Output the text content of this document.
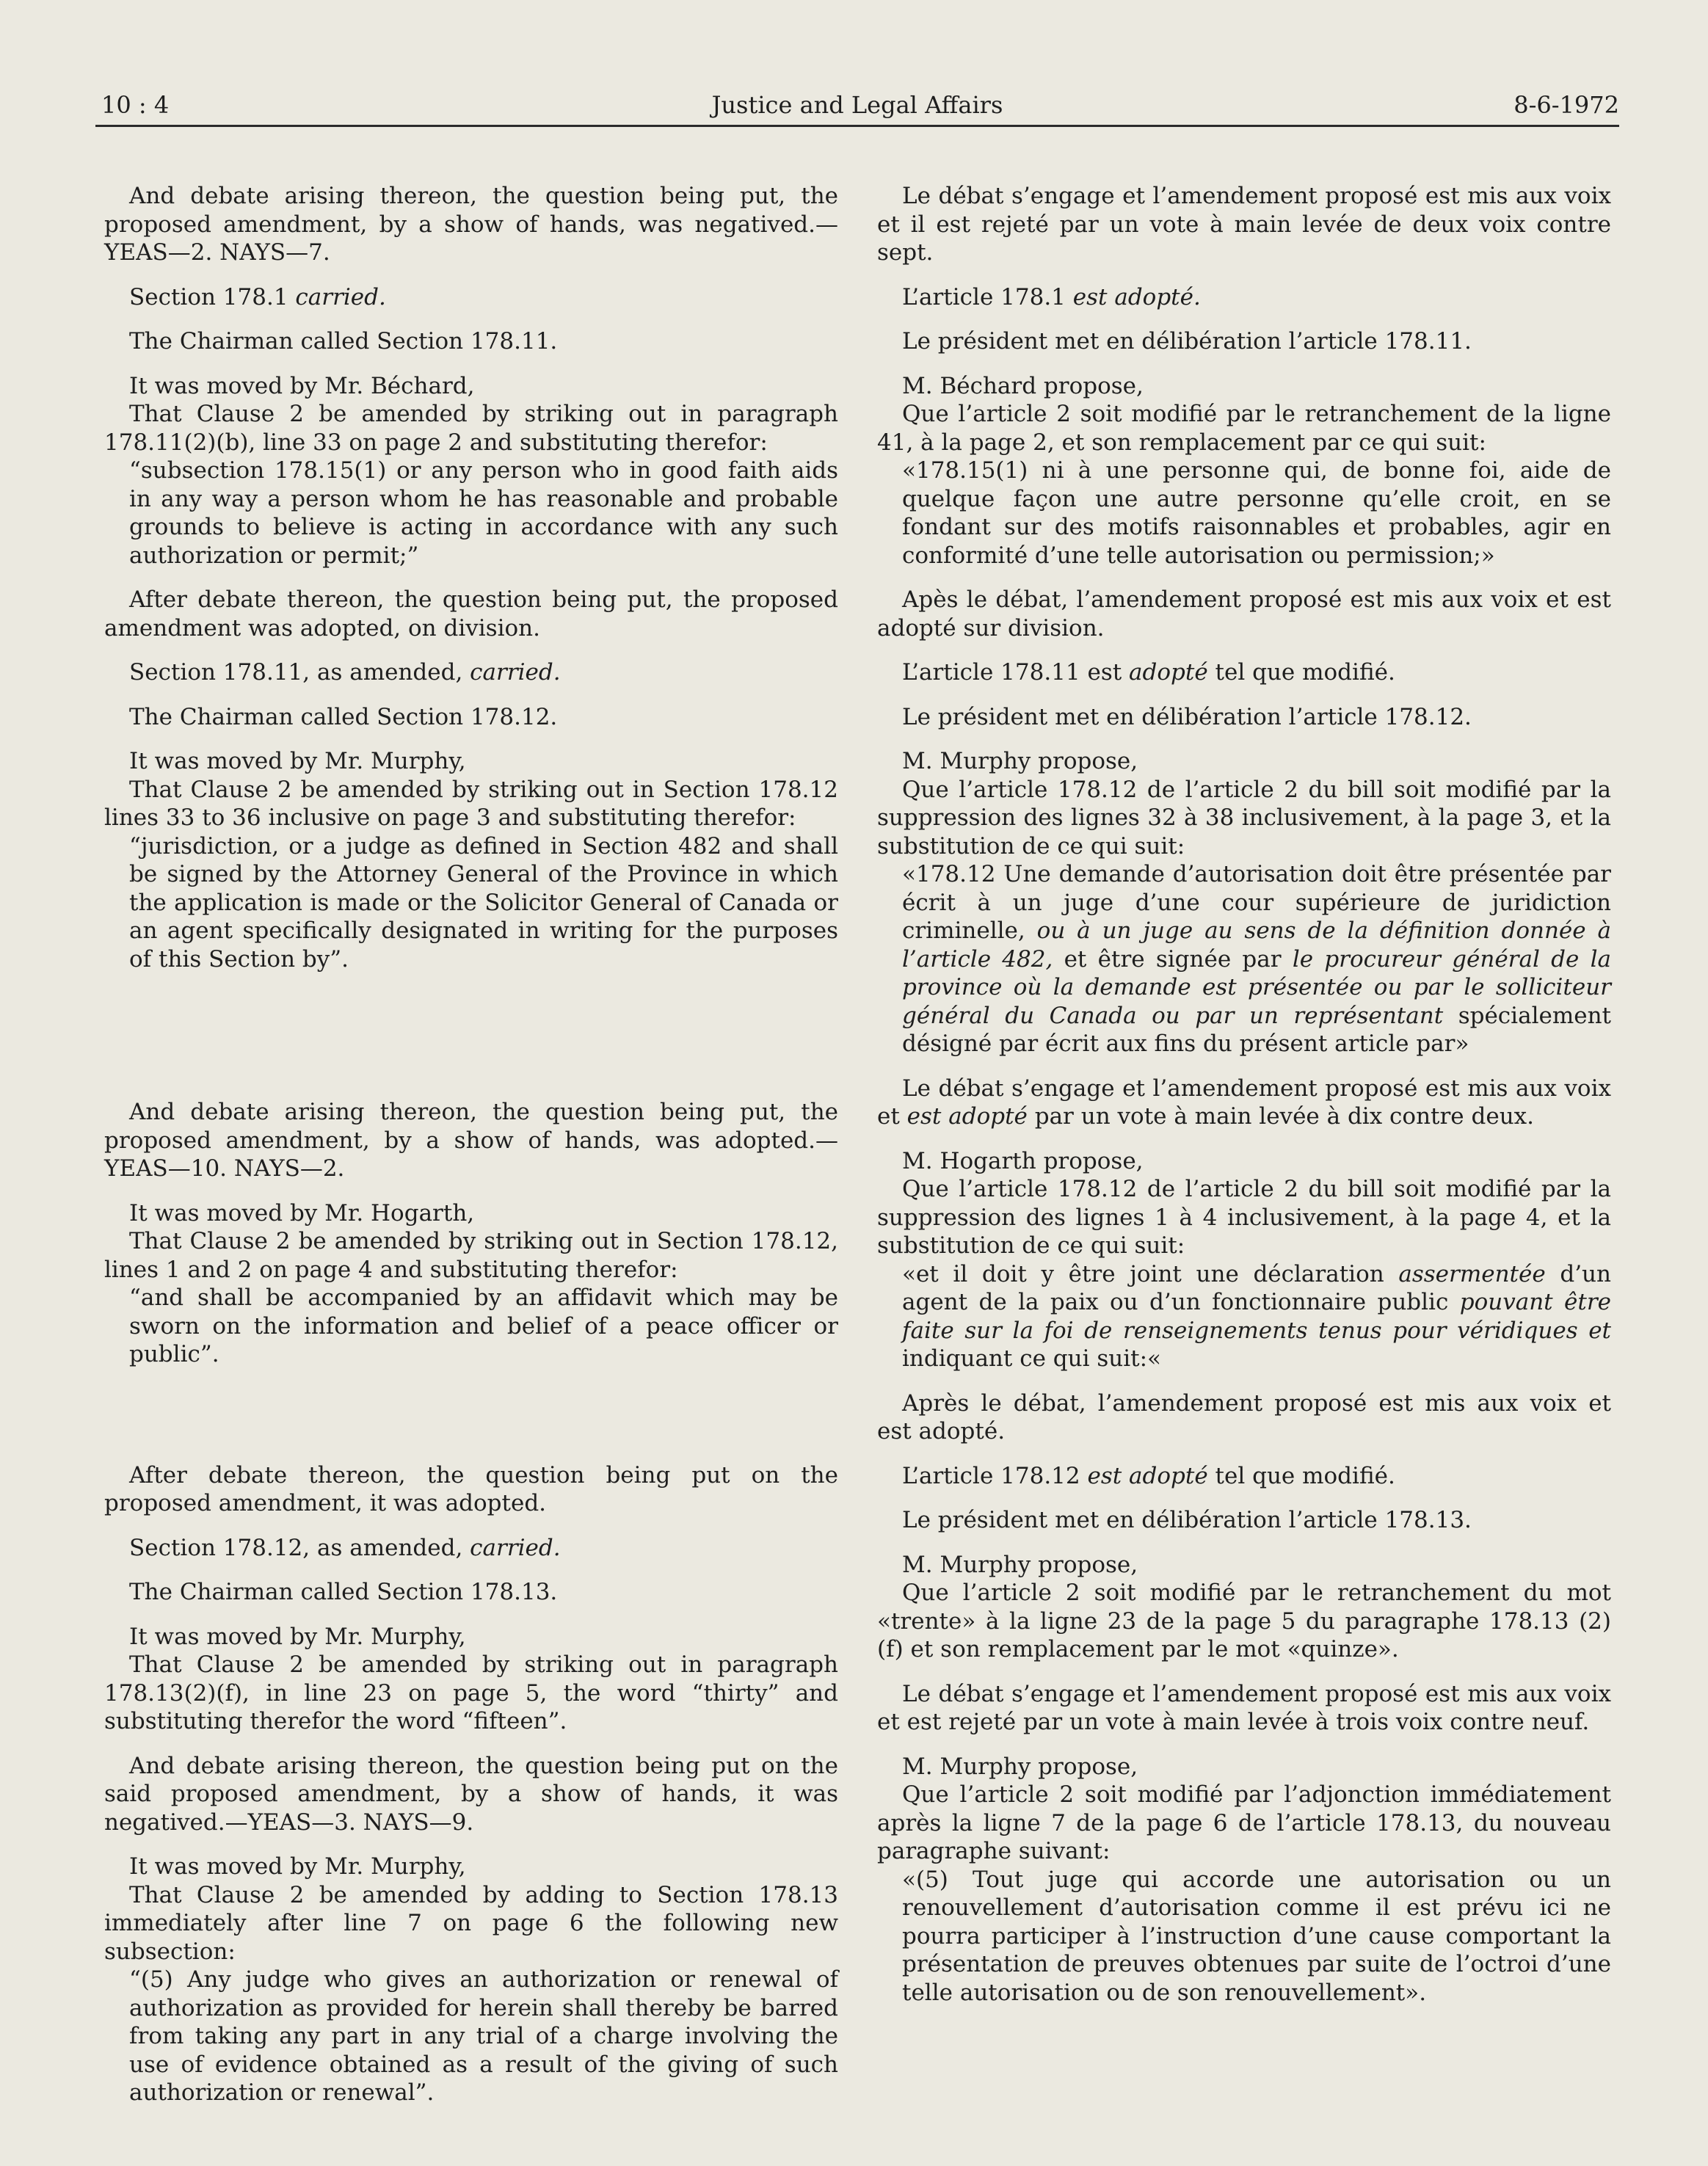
10 : 4	Justice and Legal Affairs	8-6-1972

And debate arising thereon, the question being put, the proposed amendment, by a show of hands, was negatived.—YEAS—2. NAYS—7.

Section 178.1 carried.

The Chairman called Section 178.11.

It was moved by Mr. Béchard,

That Clause 2 be amended by striking out in paragraph 178.11(2)(b), line 33 on page 2 and substituting therefor:

“subsection 178.15(1) or any person who in good faith aids in any way a person whom he has reasonable and probable grounds to believe is acting in accordance with any such authorization or permit;”

After debate thereon, the question being put, the proposed amendment was adopted, on division.

Section 178.11, as amended, carried.

The Chairman called Section 178.12.

It was moved by Mr. Murphy,

That Clause 2 be amended by striking out in Section 178.12 lines 33 to 36 inclusive on page 3 and substituting therefor:

“jurisdiction, or a judge as defined in Section 482 and shall be signed by the Attorney General of the Province in which the application is made or the Solicitor General of Canada or an agent specifically designated in writing for the purposes of this Section by”.

And debate arising thereon, the question being put, the proposed amendment, by a show of hands, was adopted.—YEAS—10. NAYS—2.

It was moved by Mr. Hogarth,

That Clause 2 be amended by striking out in Section 178.12, lines 1 and 2 on page 4 and substituting therefor:

“and shall be accompanied by an affidavit which may be sworn on the information and belief of a peace officer or public”.

After debate thereon, the question being put on the proposed amendment, it was adopted.

Section 178.12, as amended, carried.

The Chairman called Section 178.13.

It was moved by Mr. Murphy,

That Clause 2 be amended by striking out in paragraph 178.13(2)(f), in line 23 on page 5, the word “thirty” and substituting therefor the word “fifteen”.

And debate arising thereon, the question being put on the said proposed amendment, by a show of hands, it was negatived.—YEAS—3. NAYS—9.

It was moved by Mr. Murphy,

That Clause 2 be amended by adding to Section 178.13 immediately after line 7 on page 6 the following new subsection:

“(5) Any judge who gives an authorization or renewal of authorization as provided for herein shall thereby be barred from taking any part in any trial of a charge involving the use of evidence obtained as a result of the giving of such authorization or renewal”.

Le débat s’engage et l’amendement proposé est mis aux voix et il est rejeté par un vote à main levée de deux voix contre sept.

L’article 178.1 est adopté.

Le président met en délibération l’article 178.11.

M. Béchard propose,

Que l’article 2 soit modifié par le retranchement de la ligne 41, à la page 2, et son remplacement par ce qui suit:

«178.15(1) ni à une personne qui, de bonne foi, aide de quelque façon une autre personne qu’elle croit, en se fondant sur des motifs raisonnables et probables, agir en conformité d’une telle autorisation ou permission;»

Apès le débat, l’amendement proposé est mis aux voix et est adopté sur division.

L’article 178.11 est adopté tel que modifié.

Le président met en délibération l’article 178.12.

M. Murphy propose,

Que l’article 178.12 de l’article 2 du bill soit modifié par la suppression des lignes 32 à 38 inclusivement, à la page 3, et la substitution de ce qui suit:

«178.12 Une demande d’autorisation doit être présentée par écrit à un juge d’une cour supérieure de juridiction criminelle, ou à un juge au sens de la définition donnée à l’article 482, et être signée par le procureur général de la province où la demande est présentée ou par le solliciteur général du Canada ou par un représentant spécialement désigné par écrit aux fins du présent article par»

Le débat s’engage et l’amendement proposé est mis aux voix et est adopté par un vote à main levée à dix contre deux.

M. Hogarth propose,

Que l’article 178.12 de l’article 2 du bill soit modifié par la suppression des lignes 1 à 4 inclusivement, à la page 4, et la substitution de ce qui suit:

«et il doit y être joint une déclaration assermentée d’un agent de la paix ou d’un fonctionnaire public pouvant être faite sur la foi de renseignements tenus pour véridiques et indiquant ce qui suit:«

Après le débat, l’amendement proposé est mis aux voix et est adopté.

L’article 178.12 est adopté tel que modifié.

Le président met en délibération l’article 178.13.

M. Murphy propose,

Que l’article 2 soit modifié par le retranchement du mot «trente» à la ligne 23 de la page 5 du paragraphe 178.13 (2) (f) et son remplacement par le mot «quinze».

Le débat s’engage et l’amendement proposé est mis aux voix et est rejeté par un vote à main levée à trois voix contre neuf.

M. Murphy propose,

Que l’article 2 soit modifié par l’adjonction immédiatement après la ligne 7 de la page 6 de l’article 178.13, du nouveau paragraphe suivant:

«(5) Tout juge qui accorde une autorisation ou un renouvellement d’autorisation comme il est prévu ici ne pourra participer à l’instruction d’une cause comportant la présentation de preuves obtenues par suite de l’octroi d’une telle autorisation ou de son renouvellement».
